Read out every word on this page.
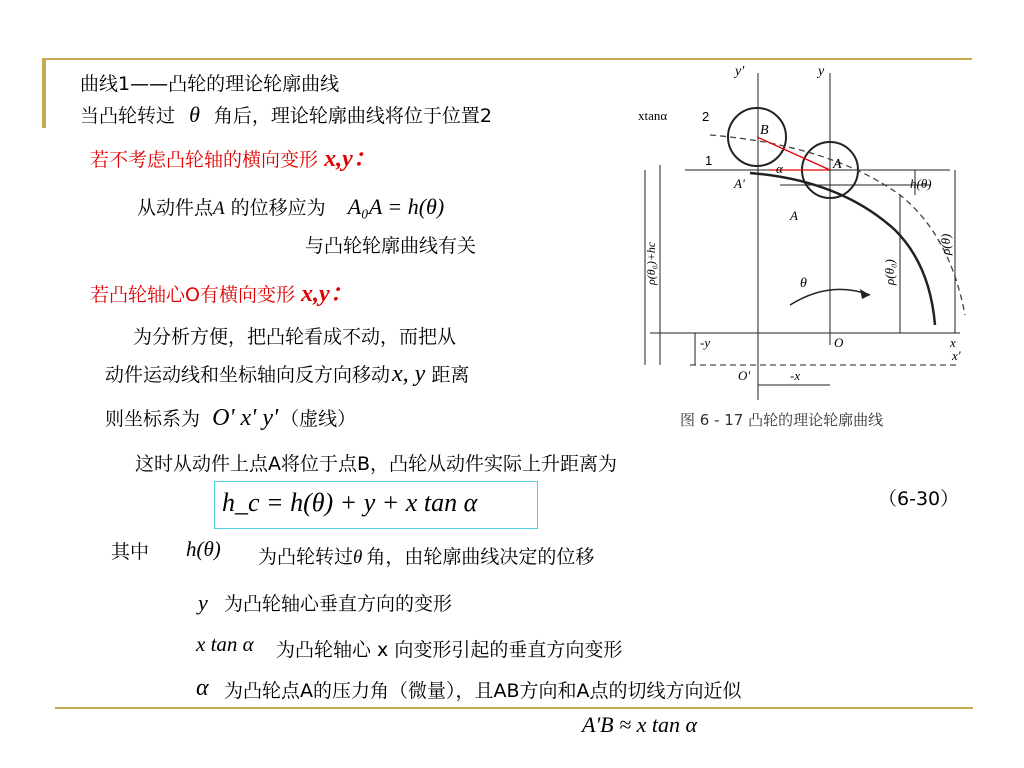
曲线1——凸轮的理论轮廓曲线
当凸轮转过 θ 角后，理论轮廓曲线将位于位置2
若不考虑凸轮轴的横向变形 x,y：
从动件点A 的位移应为 A₀A = h(θ)
与凸轮轮廓曲线有关
若凸轮轴心O有横向变形 x,y：
为分析方便，把凸轮看成不动，而把从
动件运动线和坐标轴向反方向移动x, y 距离
则坐标系为 O' x' y' （虚线）
这时从动件上点A将位于点B，凸轮从动件实际上升距离为
h_c = h(θ) + y + x tan α	（6-30）
其中 h(θ) 为凸轮转过θ 角，由轮廓曲线决定的位移
y 为凸轮轴心垂直方向的变形
x tan α 为凸轮轴心 x 向变形引起的垂直方向变形
α 为凸轮点A的压力角（微量），且AB方向和A点的切线方向近似
A'B ≈ x tan α
y'	y
xtanα	2
1
B
A
α
A'
A
h(θ)
ρ(θ)
ρ(θ₀)
ρ(θ₀)+hc	θ
-y	O	x
O'	-x
x'
图 6 - 17 凸轮的理论轮廓曲线
